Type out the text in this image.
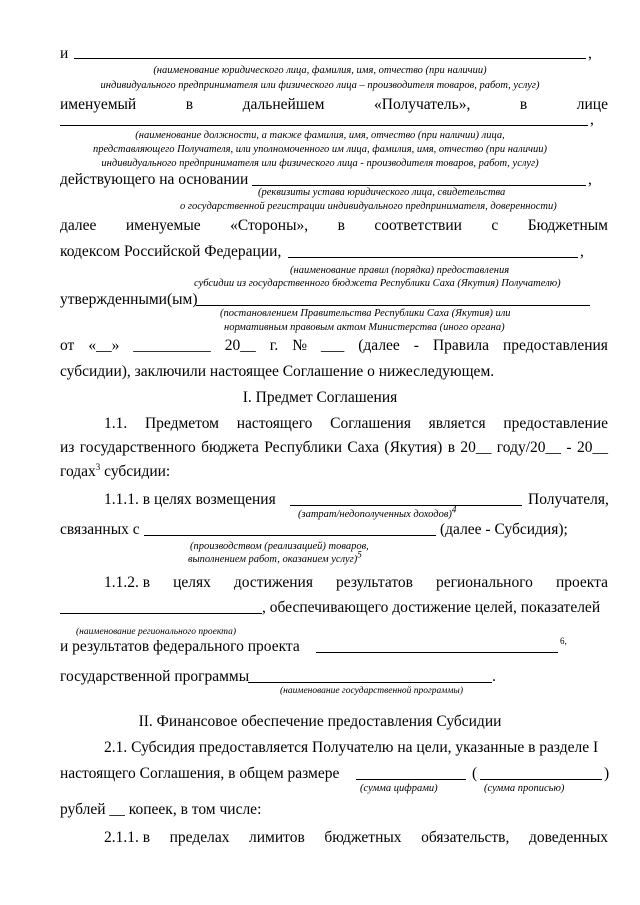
и	,
(наименование юридического лица, фамилия, имя, отчество (при наличии)
индивидуального предпринимателя или физического лица – производителя товаров, работ, услуг)
именуемый	в	дальнейшем	«Получатель»,	в	лице
,
(наименование должности, а также фамилия, имя, отчество (при наличии) лица,
представляющего Получателя, или уполномоченного им лица, фамилия, имя, отчество (при наличии)
индивидуального предпринимателя или физического лица - производителя товаров, работ, услуг)
действующего на основании	,
(реквизиты устава юридического лица, свидетельства
о государственной регистрации индивидуального предпринимателя, доверенности)
далее именуемые «Стороны», в соответствии с Бюджетным
кодексом Российской Федерации,	,
(наименование правил (порядка) предоставления
субсидии из государственного бюджета Республики Саха (Якутия) Получателю)
утвержденными(ым)
(постановлением Правительства Республики Саха (Якутия) или
нормативным правовым актом Министерства (иного органа)
от «__» __________ 20__ г. № ___ (далее - Правила предоставления
субсидии), заключили настоящее Соглашение о нижеследующем.
I. Предмет Соглашения
1.1. Предметом настоящего Соглашения является предоставление
из государственного бюджета Республики Саха (Якутия) в 20__ году/20__ - 20__
годах$^3$ субсидии:
1.1.1. в целях возмещения	Получателя,
(затрат/недополученных доходов)$^4$
связанных с	(далее - Субсидия);
(производством (реализацией) товаров,
выполнением работ, оказанием услуг)$^5$
1.1.2. в целях достижения результатов регионального проекта
, обеспечивающего достижение целей, показателей
(наименование регионального проекта)
и результатов федерального проекта	6,
государственной программы	.
(наименование государственной программы)
II. Финансовое обеспечение предоставления Субсидии
2.1. Субсидия предоставляется Получателю на цели, указанные в разделе I
настоящего Соглашения, в общем размере	(	)
(сумма цифрами)	(сумма прописью)
рублей __ копеек, в том числе:
2.1.1. в пределах лимитов бюджетных обязательств, доведенных
